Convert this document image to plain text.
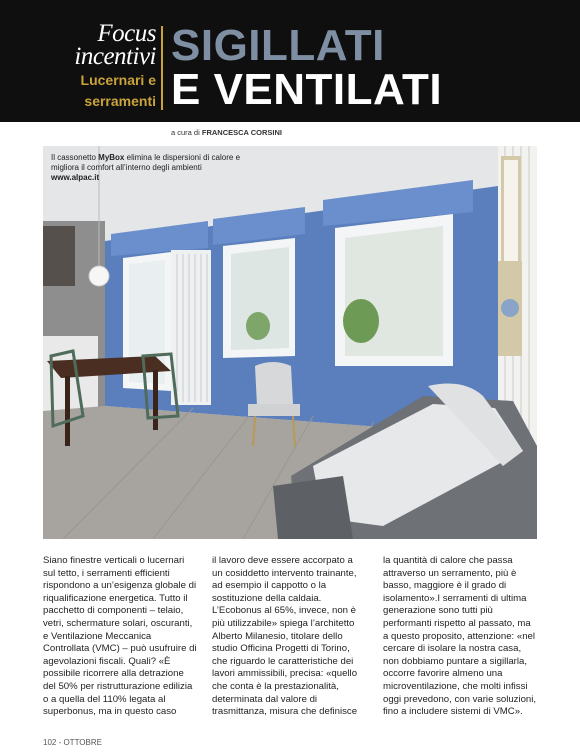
Focus
incentivi
Lucernari e
serramenti
SIGILLATI
E VENTILATI
a cura di FRANCESCA CORSINI
Il cassonetto MyBox elimina le dispersioni di calore e migliora il comfort all’interno degli ambienti
www.alpac.it
Siano finestre verticali o lucernari sul tetto, i serramenti efficienti rispondono a un’esigenza globale di riqualificazione energetica. Tutto il pacchetto di componenti – telaio, vetri, schermature solari, oscuranti, e Ventilazione Meccanica Controllata (VMC) – può usufruire di agevolazioni fiscali. Quali? «È possibile ricorrere alla detrazione del 50% per ristrutturazione edilizia o a quella del 110% legata al superbonus, ma in questo caso
il lavoro deve essere accorpato a un cosiddetto intervento trainante, ad esempio il cappotto o la sostituzione della caldaia. L’Ecobonus al 65%, invece, non è più utilizzabile» spiega l’architetto Alberto Milanesio, titolare dello studio Officina Progetti di Torino, che riguardo le caratteristiche dei lavori ammissibili, precisa: «quello che conta è la prestazionalità, determinata dal valore di trasmittanza, misura che definisce
la quantità di calore che passa attraverso un serramento, più è basso, maggiore è il grado di isolamento».I serramenti di ultima generazione sono tutti più performanti rispetto al passato, ma a questo proposito, attenzione: «nel cercare di isolare la nostra casa, non dobbiamo puntare a sigillarla, occorre favorire almeno una microventilazione, che molti infissi oggi prevedono, con varie soluzioni, fino a includere sistemi di VMC».
102 - OTTOBRE
